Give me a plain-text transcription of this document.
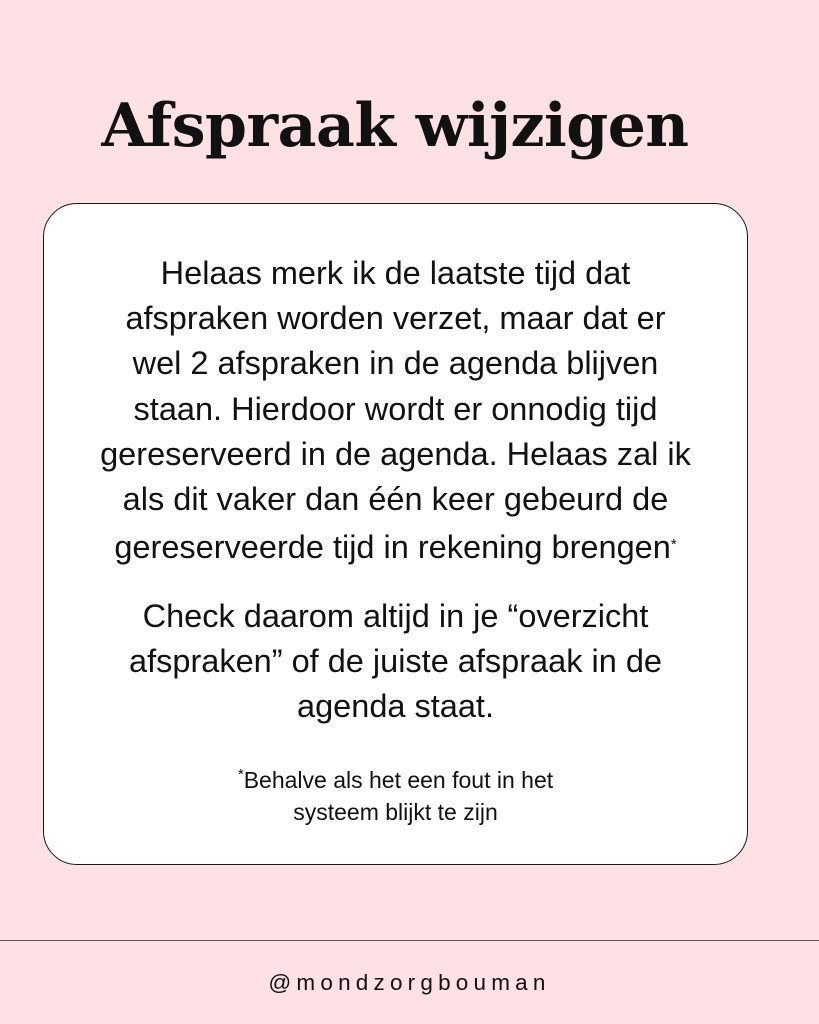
Afspraak wijzigen

Helaas merk ik de laatste tijd dat
afspraken worden verzet, maar dat er
wel 2 afspraken in de agenda blijven
staan. Hierdoor wordt er onnodig tijd
gereserveerd in de agenda. Helaas zal ik
als dit vaker dan één keer gebeurd de
gereserveerde tijd in rekening brengen*

Check daarom altijd in je “overzicht
afspraken” of de juiste afspraak in de
agenda staat.

*Behalve als het een fout in het
systeem blijkt te zijn

@mondzorgbouman
